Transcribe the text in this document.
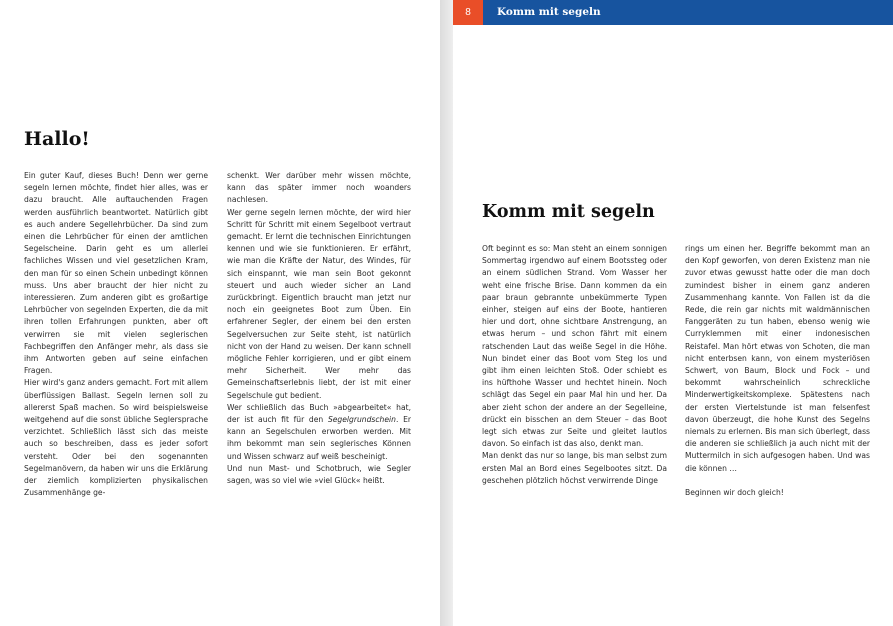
8	Komm mit segeln
Hallo!

Ein guter Kauf, dieses Buch! Denn wer gerne segeln lernen möchte, findet hier alles, was er dazu braucht. Alle auftauchenden Fragen werden ausführlich beantwortet. Natürlich gibt es auch andere Segellehrbücher. Da sind zum einen die Lehrbücher für einen der amtlichen Segelscheine. Darin geht es um allerlei fachliches Wissen und viel gesetzlichen Kram, den man für so einen Schein unbedingt können muss. Uns aber braucht der hier nicht zu interessieren. Zum anderen gibt es großartige Lehrbücher von segelnden Experten, die da mit ihren tollen Erfahrungen punkten, aber oft verwirren sie mit vielen seglerischen Fachbegriffen den Anfänger mehr, als dass sie ihm Antworten geben auf seine einfachen Fragen.

Hier wird's ganz anders gemacht. Fort mit allem überflüssigen Ballast. Segeln lernen soll zu allererst Spaß machen. So wird beispielsweise weitgehend auf die sonst übliche Seglersprache verzichtet. Schließlich lässt sich das meiste auch so beschreiben, dass es jeder sofort versteht. Oder bei den sogenannten Segelmanövern, da haben wir uns die Erklärung der ziemlich komplizierten physikalischen Zusammenhänge ge-

schenkt. Wer darüber mehr wissen möchte, kann das später immer noch woanders nachlesen.

Wer gerne segeln lernen möchte, der wird hier Schritt für Schritt mit einem Segelboot vertraut gemacht. Er lernt die technischen Einrichtungen kennen und wie sie funktionieren. Er erfährt, wie man die Kräfte der Natur, des Windes, für sich einspannt, wie man sein Boot gekonnt steuert und auch wieder sicher an Land zurückbringt. Eigentlich braucht man jetzt nur noch ein geeignetes Boot zum Üben. Ein erfahrener Segler, der einem bei den ersten Segelversuchen zur Seite steht, ist natürlich nicht von der Hand zu weisen. Der kann schnell mögliche Fehler korrigieren, und er gibt einem mehr Sicherheit. Wer mehr das Gemeinschaftserlebnis liebt, der ist mit einer Segelschule gut bedient.

Wer schließlich das Buch »abgearbeitet« hat, der ist auch fit für den Segelgrundschein. Er kann an Segelschulen erworben werden. Mit ihm bekommt man sein seglerisches Können und Wissen schwarz auf weiß bescheinigt.

Und nun Mast- und Schotbruch, wie Segler sagen, was so viel wie »viel Glück« heißt.

Komm mit segeln

Oft beginnt es so: Man steht an einem sonnigen Sommertag irgendwo auf einem Bootssteg oder an einem südlichen Strand. Vom Wasser her weht eine frische Brise. Dann kommen da ein paar braun gebrannte unbekümmerte Typen einher, steigen auf eins der Boote, hantieren hier und dort, ohne sichtbare Anstrengung, an etwas herum – und schon fährt mit einem ratschenden Laut das weiße Segel in die Höhe. Nun bindet einer das Boot vom Steg los und gibt ihm einen leichten Stoß. Oder schiebt es ins hüfthohe Wasser und hechtet hinein. Noch schlägt das Segel ein paar Mal hin und her. Da aber zieht schon der andere an der Segelleine, drückt ein bisschen an dem Steuer – das Boot legt sich etwas zur Seite und gleitet lautlos davon. So einfach ist das also, denkt man.

Man denkt das nur so lange, bis man selbst zum ersten Mal an Bord eines Segelbootes sitzt. Da geschehen plötzlich höchst verwirrende Dinge

rings um einen her. Begriffe bekommt man an den Kopf geworfen, von deren Existenz man nie zuvor etwas gewusst hatte oder die man doch zumindest bisher in einem ganz anderen Zusammenhang kannte. Von Fallen ist da die Rede, die rein gar nichts mit waldmännischen Fanggeräten zu tun haben, ebenso wenig wie Curryklemmen mit einer indonesischen Reistafel. Man hört etwas von Schoten, die man nicht enterbsen kann, von einem mysteriösen Schwert, von Baum, Block und Fock – und bekommt wahrscheinlich schreckliche Minderwertigkeitskomplexe. Spätestens nach der ersten Viertelstunde ist man felsenfest davon überzeugt, die hohe Kunst des Segelns niemals zu erlernen. Bis man sich überlegt, dass die anderen sie schließlich ja auch nicht mit der Muttermilch in sich aufgesogen haben. Und was die können …

Beginnen wir doch gleich!
